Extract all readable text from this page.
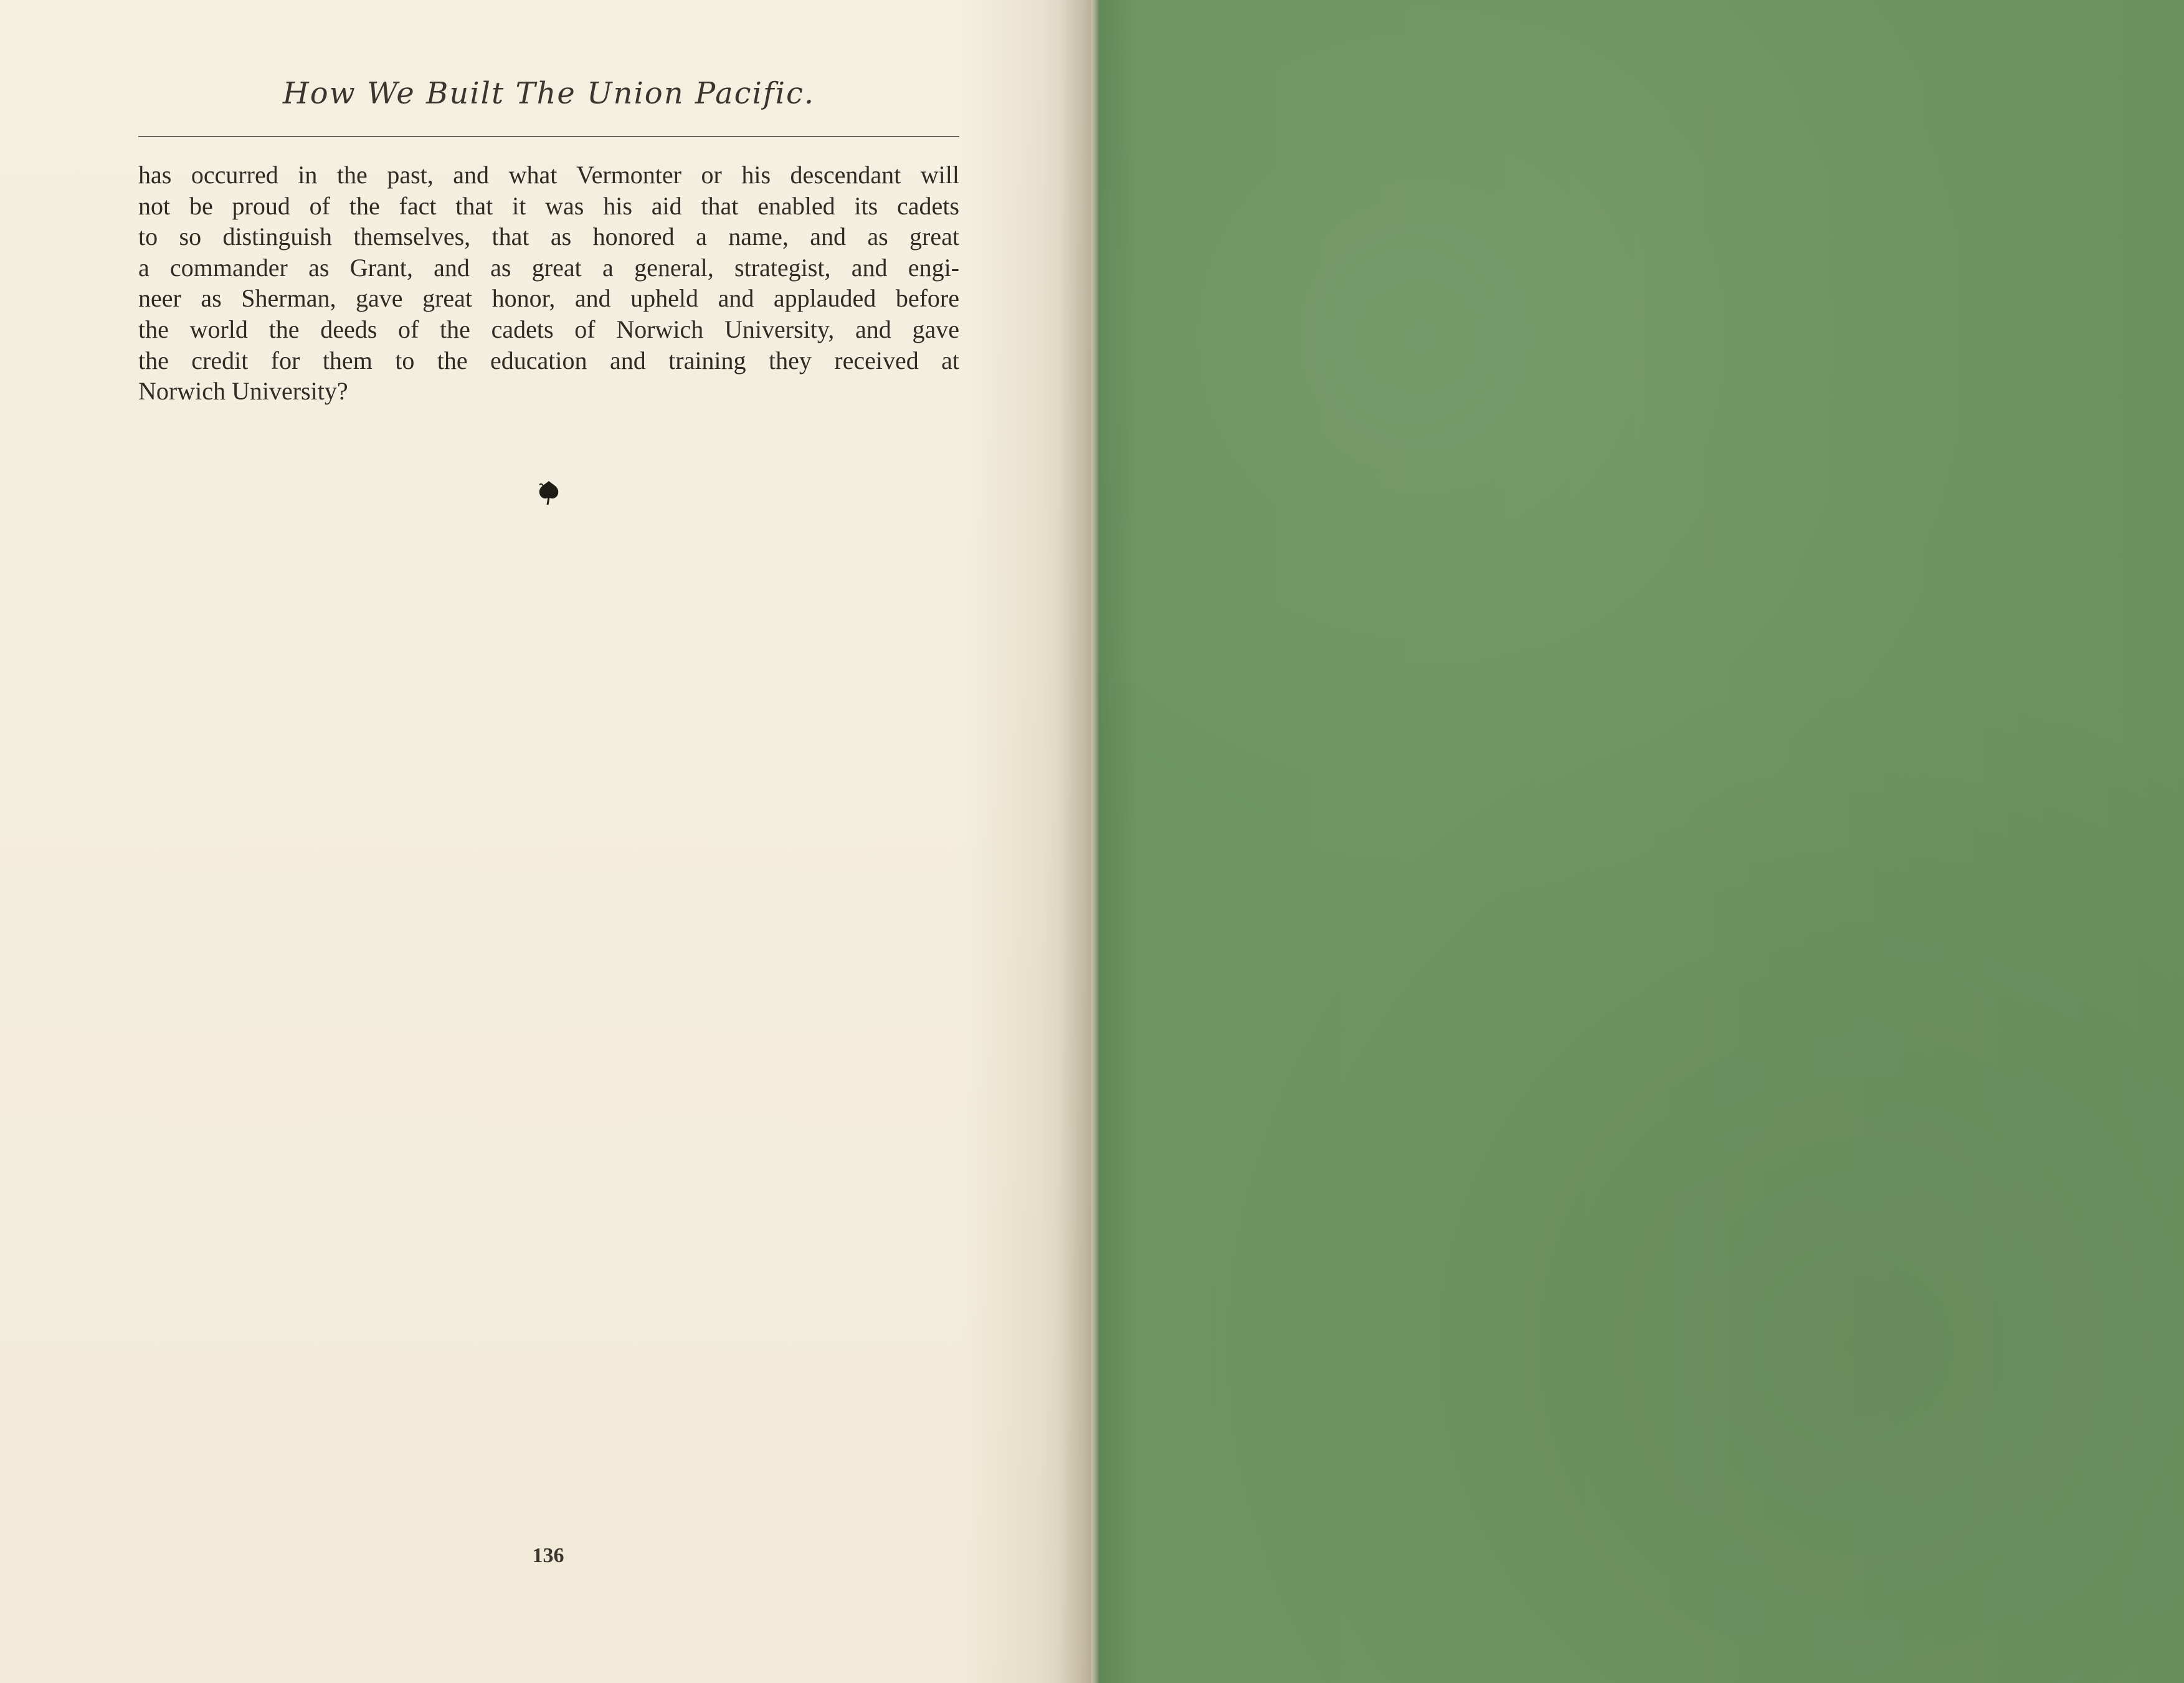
How We Built The Union Pacific.
has occurred in the past, and what Vermonter or his descendant will
not be proud of the fact that it was his aid that enabled its cadets
to so distinguish themselves, that as honored a name, and as great
a commander as Grant, and as great a general, strategist, and engi-
neer as Sherman, gave great honor, and upheld and applauded before
the world the deeds of the cadets of Norwich University, and gave
the credit for them to the education and training they received at
Norwich University?
136
